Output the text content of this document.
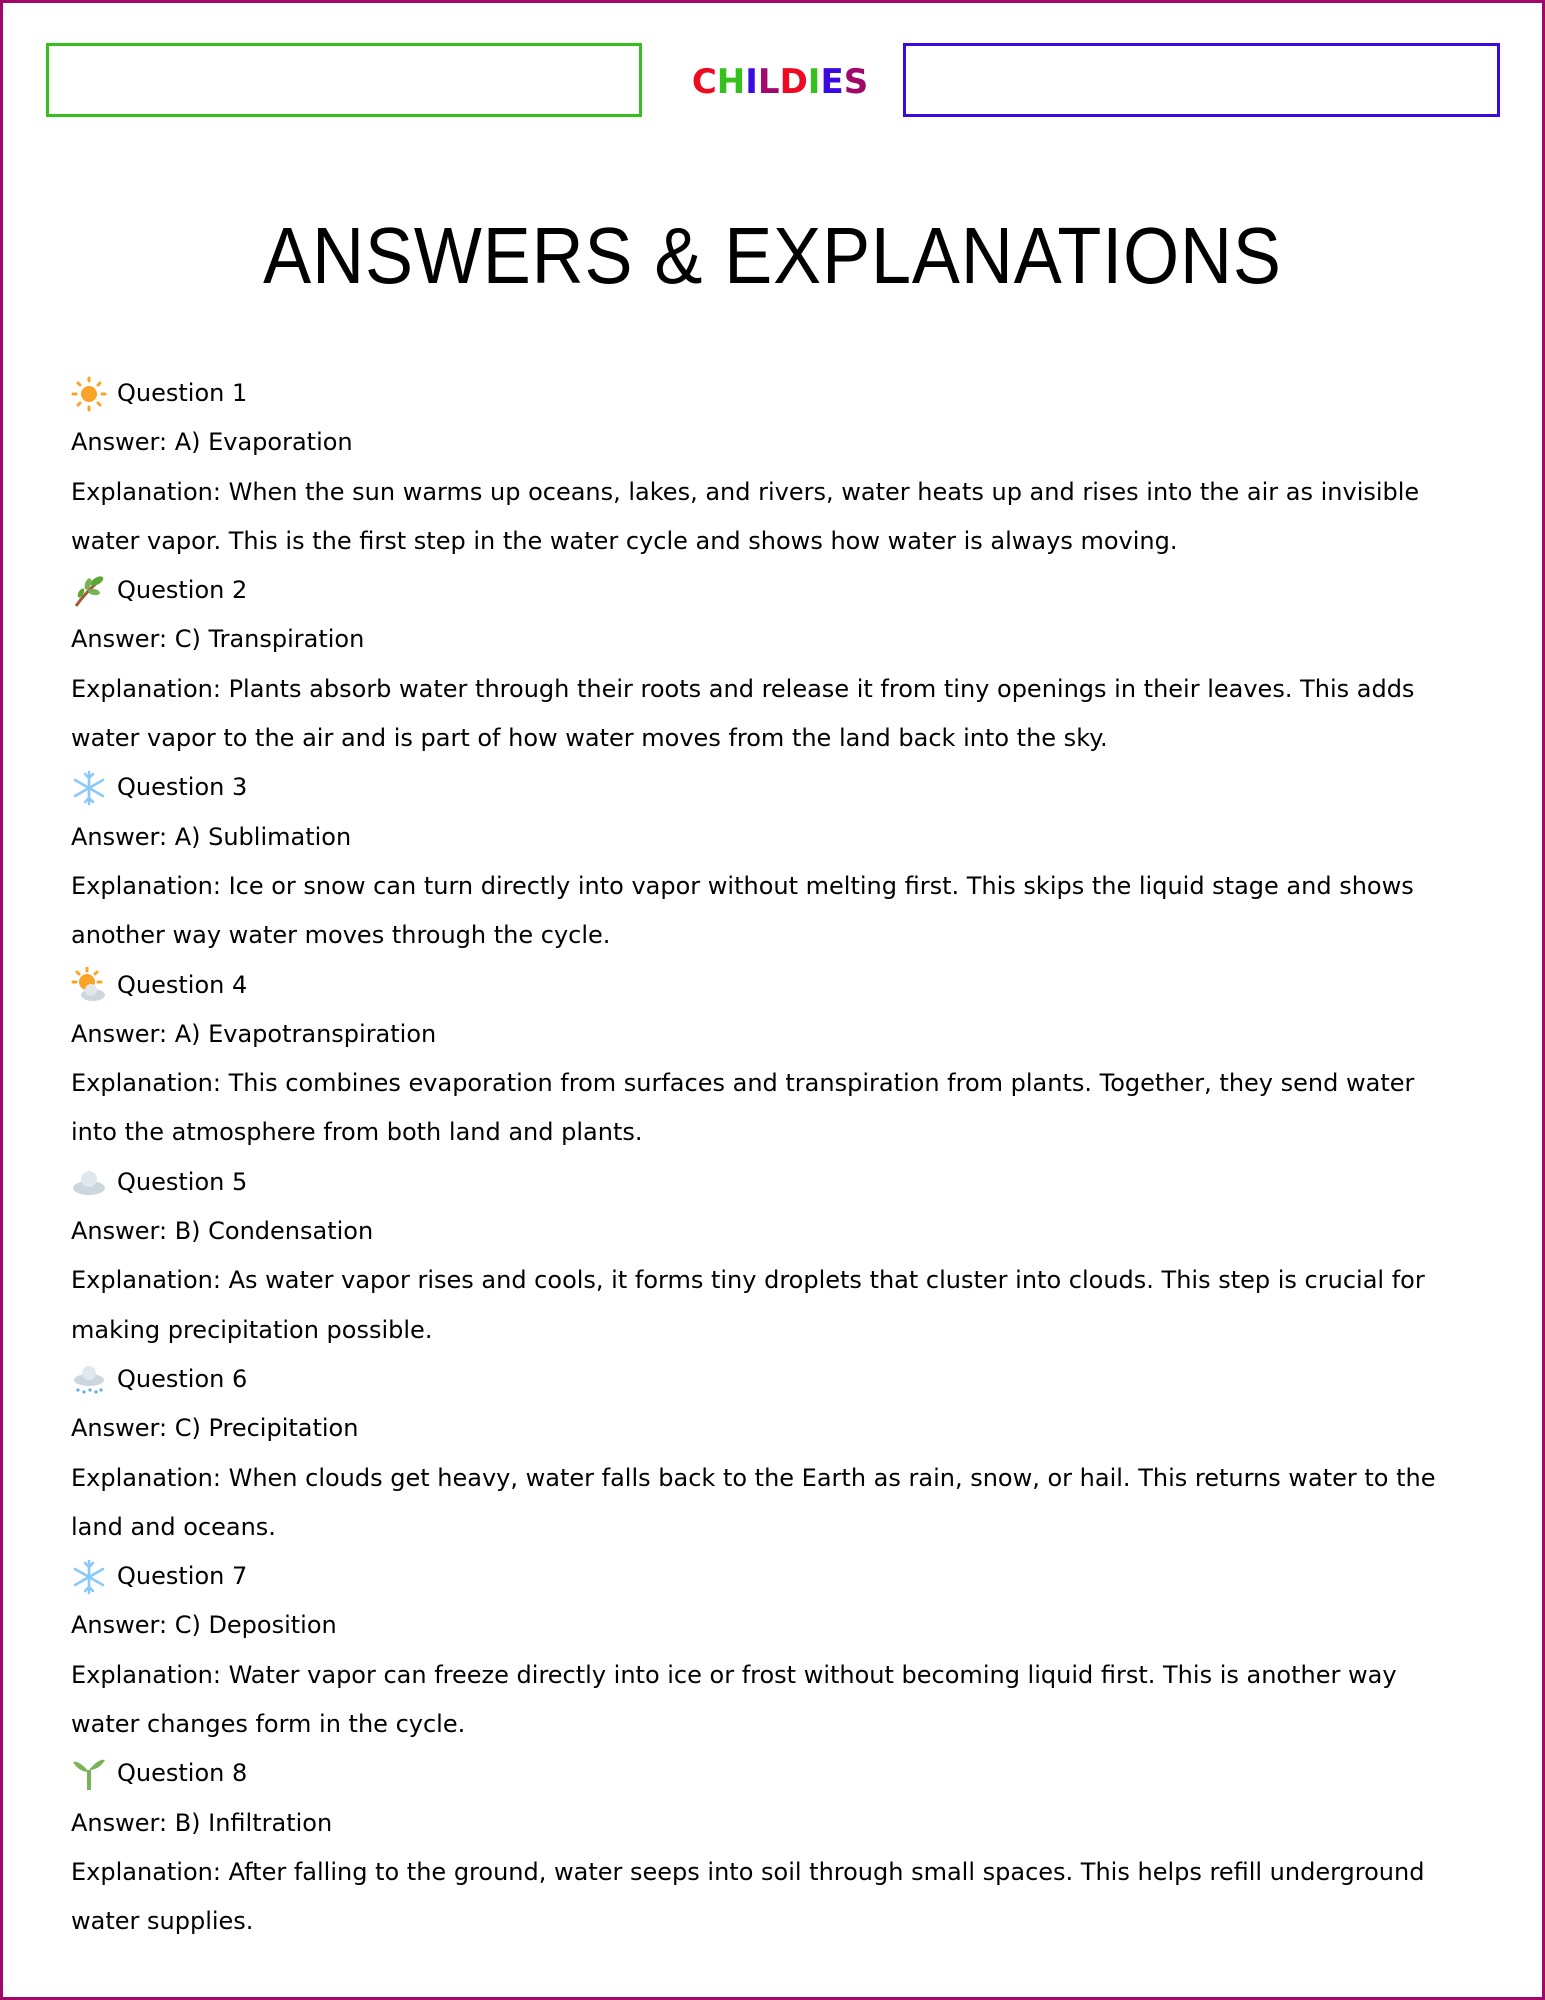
CHILDIES
ANSWERS & EXPLANATIONS
Question 1
Answer: A) Evaporation
Explanation: When the sun warms up oceans, lakes, and rivers, water heats up and rises into the air as invisible
water vapor. This is the first step in the water cycle and shows how water is always moving.
Question 2
Answer: C) Transpiration
Explanation: Plants absorb water through their roots and release it from tiny openings in their leaves. This adds
water vapor to the air and is part of how water moves from the land back into the sky.
Question 3
Answer: A) Sublimation
Explanation: Ice or snow can turn directly into vapor without melting first. This skips the liquid stage and shows
another way water moves through the cycle.
Question 4
Answer: A) Evapotranspiration
Explanation: This combines evaporation from surfaces and transpiration from plants. Together, they send water
into the atmosphere from both land and plants.
Question 5
Answer: B) Condensation
Explanation: As water vapor rises and cools, it forms tiny droplets that cluster into clouds. This step is crucial for
making precipitation possible.
Question 6
Answer: C) Precipitation
Explanation: When clouds get heavy, water falls back to the Earth as rain, snow, or hail. This returns water to the
land and oceans.
Question 7
Answer: C) Deposition
Explanation: Water vapor can freeze directly into ice or frost without becoming liquid first. This is another way
water changes form in the cycle.
Question 8
Answer: B) Infiltration
Explanation: After falling to the ground, water seeps into soil through small spaces. This helps refill underground
water supplies.
